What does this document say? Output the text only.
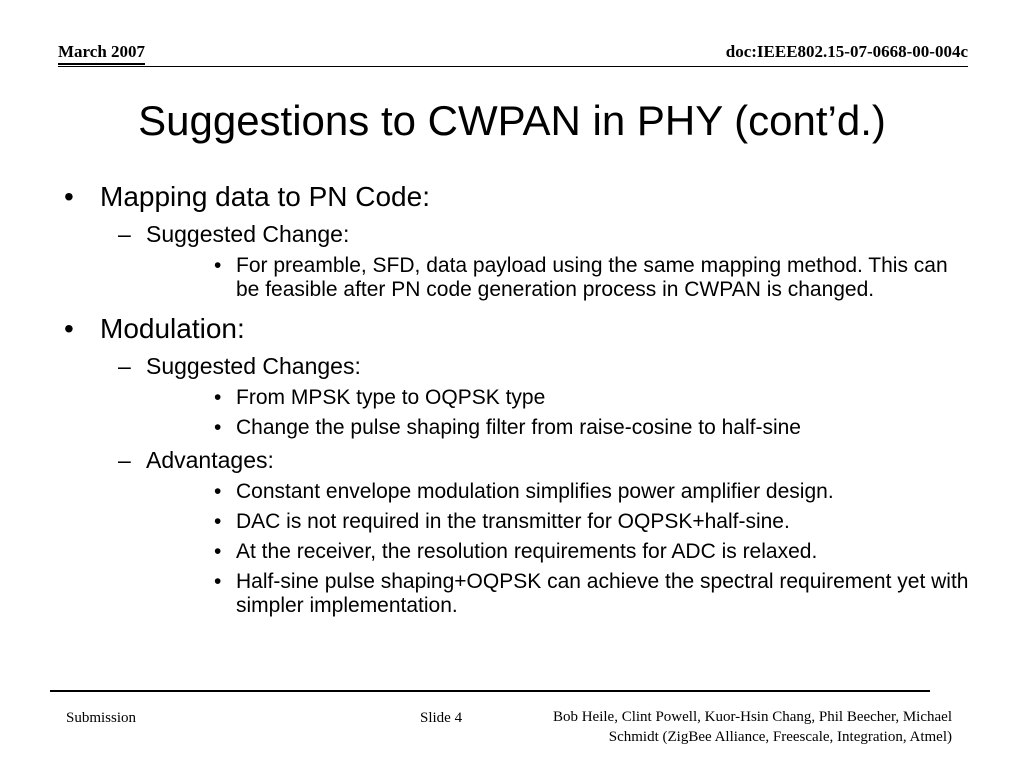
March 2007	doc:IEEE802.15-07-0668-00-004c
Suggestions to CWPAN in PHY (cont’d.)
• Mapping data to PN Code:
– Suggested Change:
• For preamble, SFD, data payload using the same mapping method. This can be feasible after PN code generation process in CWPAN is changed.
• Modulation:
– Suggested Changes:
• From MPSK type to OQPSK type
• Change the pulse shaping filter from raise-cosine to half-sine
– Advantages:
• Constant envelope modulation simplifies power amplifier design.
• DAC is not required in the transmitter for OQPSK+half-sine.
• At the receiver, the resolution requirements for ADC is relaxed.
• Half-sine pulse shaping+OQPSK can achieve the spectral requirement yet with simpler implementation.
Submission	Slide 4	Bob Heile, Clint Powell, Kuor-Hsin Chang, Phil Beecher, Michael
Schmidt (ZigBee Alliance, Freescale, Integration, Atmel)
